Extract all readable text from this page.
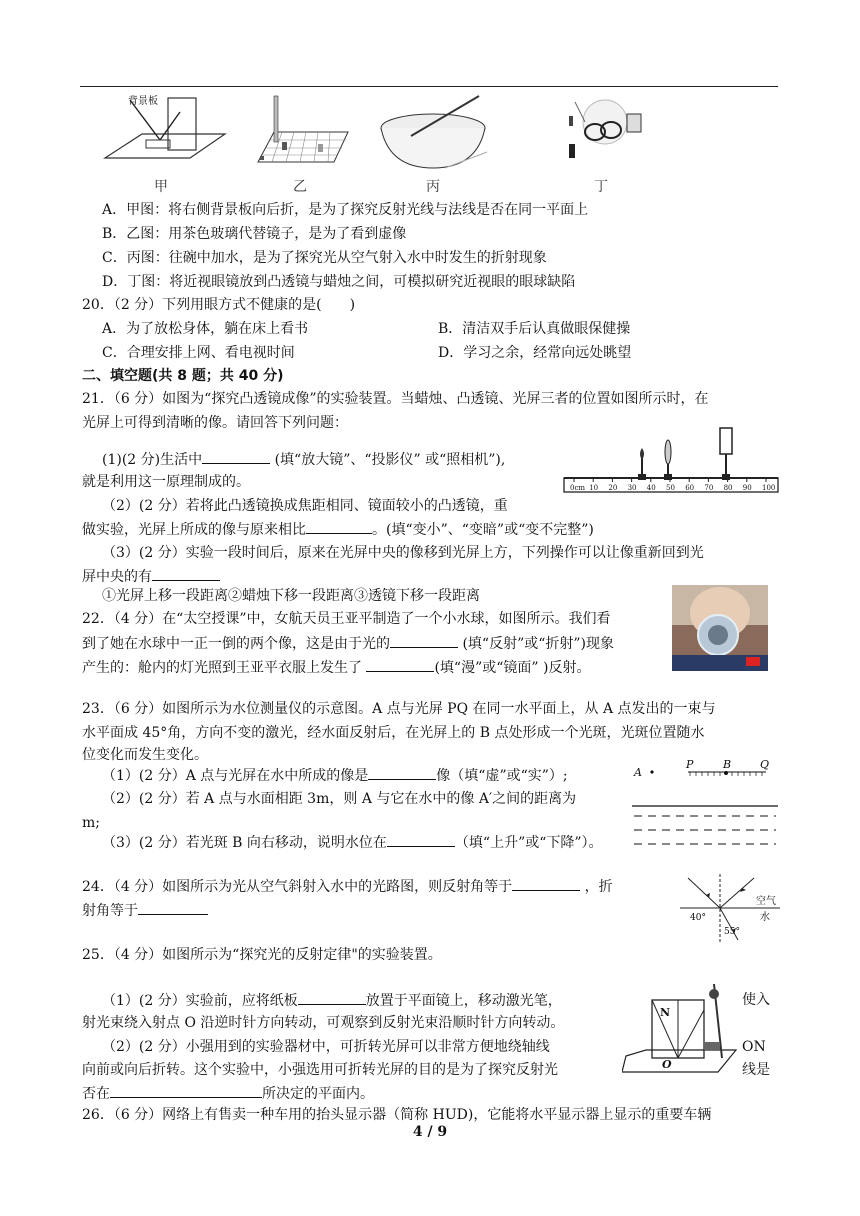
背景板
甲	乙	丙	丁
A．甲图：将右侧背景板向后折，是为了探究反射光线与法线是否在同一平面上
B．乙图：用茶色玻璃代替镜子，是为了看到虚像
C．丙图：往碗中加水，是为了探究光从空气射入水中时发生的折射现象
D．丁图：将近视眼镜放到凸透镜与蜡烛之间，可模拟研究近视眼的眼球缺陷
20．（2 分）下列用眼方式不健康的是(　　)
A．为了放松身体，躺在床上看书	B．清洁双手后认真做眼保健操
C．合理安排上网、看电视时间	D．学习之余，经常向远处眺望
二、填空题(共 8 题；共 40 分)
21．（6 分）如图为“探究凸透镜成像”的实验装置。当蜡烛、凸透镜、光屏三者的位置如图所示时，在
光屏上可得到清晰的像。请回答下列问题：
(1)(2 分)生活中	(填“放大镜”、“投影仪” 或“照相机”),
就是利用这一原理制成的。	0cm 10 20 30 40 50 60 70 80 90 100
（2）(2 分）若将此凸透镜换成焦距相同、镜面较小的凸透镜，重
做实验，光屏上所成的像与原来相比	。(填“变小”、“变暗”或“变不完整”)
（3）(2 分）实验一段时间后，原来在光屏中央的像移到光屏上方，下列操作可以让像重新回到光
屏中央的有
①光屏上移一段距离②蜡烛下移一段距离③透镜下移一段距离
22．（4 分）在“太空授课”中，女航天员王亚平制造了一个小水球，如图所示。我们看
到了她在水球中一正一倒的两个像，这是由于光的	(填“反射”或“折射”)现象
产生的：舱内的灯光照到王亚平衣服上发生了	(填“漫”或“镜面” )反射。
23．（6 分）如图所示为水位测量仪的示意图。A 点与光屏 PQ 在同一水平面上，从 A 点发出的一束与
水平面成 45°角，方向不变的激光，经水面反射后，在光屏上的 B 点处形成一个光斑，光斑位置随水
位变化而发生变化。
（1）(2 分）A 点与光屏在水中所成的像是	像（填“虚”或“实”）;
（2）(2 分）若 A 点与水面相距 3m，则 A 与它在水中的像 A′之间的距离为
m;
（3）(2 分）若光斑 B 向右移动，说明水位在	（填“上升”或“下降”）。
A
P	B	Q
24．（4 分）如图所示为光从空气斜射入水中的光路图，则反射角等于	，折
射角等于	40°
55°
空气
水
25．（4 分）如图所示为“探究光的反射定律"的实验装置。
（1）(2 分）实验前，应将纸板	放置于平面镜上，移动激光笔，	使入
射光束绕入射点 O 沿逆时针方向转动，可观察到反射光束沿顺时针方向转动。
（2）(2 分）小强用到的实验器材中，可折转光屏可以非常方便地绕轴线	ON
向前或向后折转。这个实验中，小强选用可折转光屏的目的是为了探究反射光	线是
否在	所决定的平面内。
N
O
26．（6 分）网络上有售卖一种车用的抬头显示器（简称 HUD)，它能将水平显示器上显示的重要车辆
4 / 9
